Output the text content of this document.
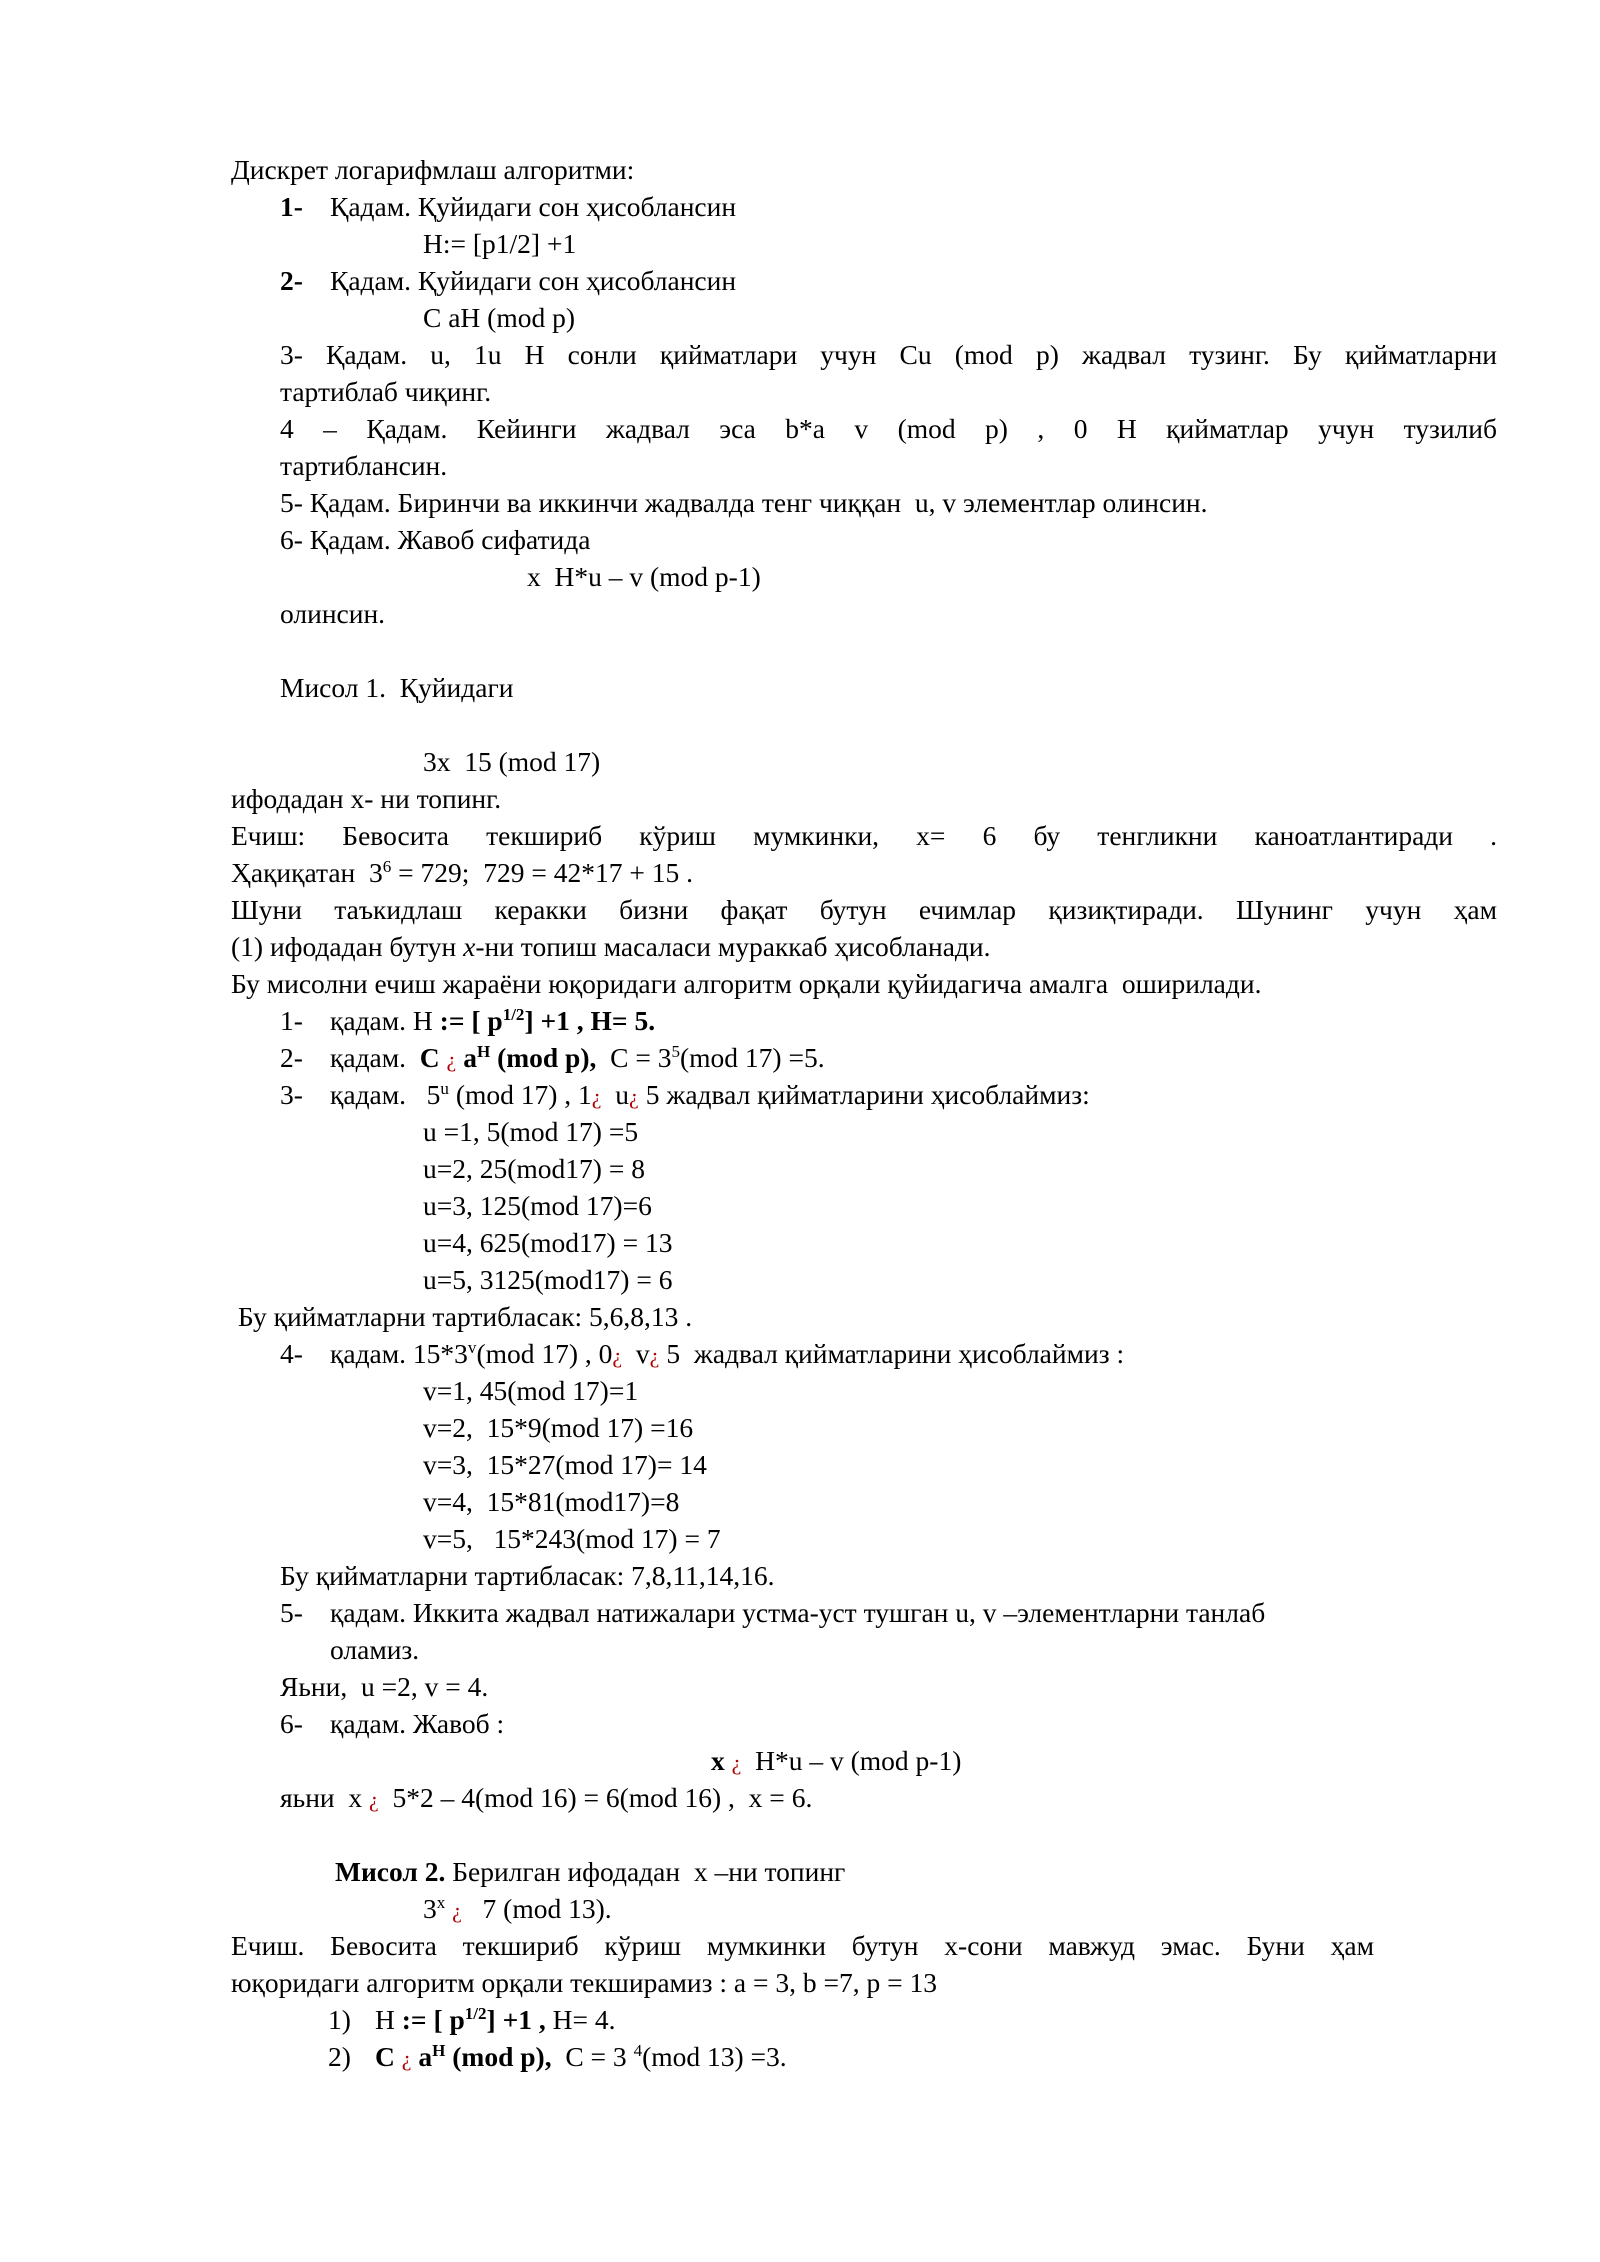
Дискрет логарифмлаш алгоритми:
1- Қадам. Қуйидаги сон ҳисоблансин
H:= [p1/2] +1
2- Қадам. Қуйидаги сон ҳисоблансин
C aH (mod p)
3- Қадам. u, 1u H сонли қийматлари учун Cu (mod p) жадвал тузинг. Бу қийматларни
тартиблаб чиқинг.
4 – Қадам. Кейинги жадвал эса b*a v (mod p) , 0 H қийматлар учун тузилиб
тартиблансин.
5- Қадам. Биринчи ва иккинчи жадвалда тенг чиққан  u, v элементлар олинсин.
6- Қадам. Жавоб сифатида
x  H*u – v (mod p-1)
олинсин.
Мисол 1.  Қуйидаги
3x  15 (mod 17)
ифодадан x- ни топинг.
Ечиш: Бевосита текшириб кўриш мумкинки, x= 6 бу тенгликни каноатлантиради .
Ҳақиқатан  $3^6 = 729$;  729 = 42*17 + 15 .
Шуни таъкидлаш керакки бизни фақат бутун ечимлар қизиқтиради. Шунинг учун ҳам
(1) ифодадан бутун x-ни топиш масаласи мураккаб ҳисобланади.
Бу мисолни ечиш жараёни юқоридаги алгоритм орқали қуйидагича амалга  оширилади.
1- қадам. H := [ $p^{1/2}] +1$ , H= 5.
2- қадам.  C ¿ $a^H$ (mod p),  $C = 3^5(mod$ 17) =5.
3- қадам.   5$^u$ (mod 17) , 1¿  u¿ 5 жадвал қийматларини ҳисоблаймиз:
u =1, 5(mod 17) =5
u=2, 25(mod17) = 8
u=3, 125(mod 17)=6
u=4, 625(mod17) = 13
u=5, 3125(mod17) = 6
Бу қийматларни тартибласак: 5,6,8,13 .
4- қадам. 15*3$^v$(mod 17) , 0¿  v¿ 5  жадвал қийматларини ҳисоблаймиз :
v=1, 45(mod 17)=1
v=2,  15*9(mod 17) =16
v=3,  15*27(mod 17)= 14
v=4,  15*81(mod17)=8
v=5,   15*243(mod 17) = 7
Бу қийматларни тартибласак: 7,8,11,14,16.
5- қадам. Иккита жадвал натижалари устма-уст тушган u, v –элементларни танлаб
оламиз.
Яьни,  u =2, v = 4.
6- қадам. Жавоб :
x ¿  H*u – v (mod p-1)
яьни  x ¿  5*2 – 4(mod 16) = 6(mod 16) ,  x = 6.
Мисол 2. Берилган ифодадан  x –ни топинг
3$^x$ ¿   7 (mod 13).
Ечиш. Бевосита текшириб кўриш мумкинки бутун x-сони мавжуд эмас. Буни ҳам
юқоридаги алгоритм орқали текширамиз : a = 3, b =7, p = 13
1) H := [ $p^{1/2}] +1$ , H= 4.
2) C ¿ $a^H$ (mod p),  C = 3 $^4$(mod 13) =3.
